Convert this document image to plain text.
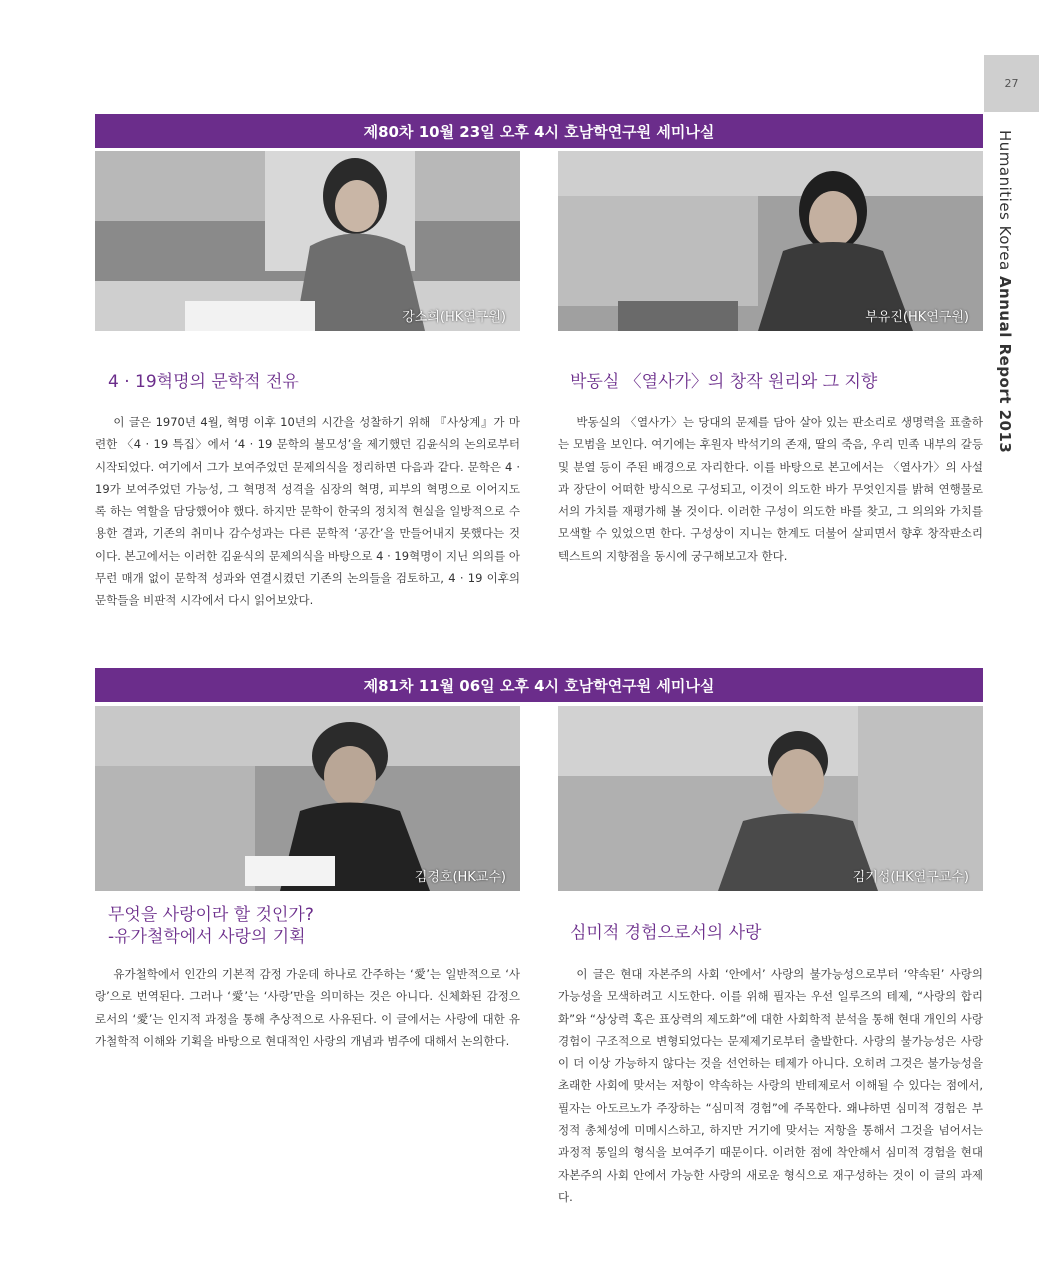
27
Humanities Korea Annual Report 2013
제80차 10월 23일 오후 4시 호남학연구원 세미나실
강소희(HK연구원)	부유진(HK연구원)
4 · 19혁명의 문학적 전유

이 글은 1970년 4월, 혁명 이후 10년의 시간을 성찰하기 위해 『사상계』가 마련한 〈4 · 19 특집〉에서 ‘4 · 19 문학의 불모성’을 제기했던 김윤식의 논의로부터 시작되었다. 여기에서 그가 보여주었던 문제의식을 정리하면 다음과 같다. 문학은 4 · 19가 보여주었던 가능성, 그 혁명적 성격을 심장의 혁명, 피부의 혁명으로 이어지도록 하는 역할을 담당했어야 했다. 하지만 문학이 한국의 정치적 현실을 일방적으로 수용한 결과, 기존의 취미나 감수성과는 다른 문학적 ‘공간’을 만들어내지 못했다는 것이다. 본고에서는 이러한 김윤식의 문제의식을 바탕으로 4 · 19혁명이 지닌 의의를 아무런 매개 없이 문학적 성과와 연결시켰던 기존의 논의들을 검토하고, 4 · 19 이후의 문학들을 비판적 시각에서 다시 읽어보았다.

박동실 〈열사가〉의 창작 원리와 그 지향

박동실의 〈열사가〉는 당대의 문제를 담아 살아 있는 판소리로 생명력을 표출하는 모범을 보인다. 여기에는 후원자 박석기의 존재, 딸의 죽음, 우리 민족 내부의 갈등 및 분열 등이 주된 배경으로 자리한다. 이를 바탕으로 본고에서는 〈열사가〉의 사설과 장단이 어떠한 방식으로 구성되고, 이것이 의도한 바가 무엇인지를 밝혀 연행물로서의 가치를 재평가해 볼 것이다. 이러한 구성이 의도한 바를 찾고, 그 의의와 가치를 모색할 수 있었으면 한다. 구성상이 지니는 한계도 더불어 살피면서 향후 창작판소리 텍스트의 지향점을 동시에 궁구해보고자 한다.

제81차 11월 06일 오후 4시 호남학연구원 세미나실
김경호(HK교수)	김기성(HK연구교수)
무엇을 사랑이라 할 것인가?
-유가철학에서 사랑의 기획

유가철학에서 인간의 기본적 감정 가운데 하나로 간주하는 ‘愛’는 일반적으로 ‘사랑’으로 번역된다. 그러나 ‘愛’는 ‘사랑’만을 의미하는 것은 아니다. 신체화된 감정으로서의 ‘愛’는 인지적 과정을 통해 추상적으로 사유된다. 이 글에서는 사랑에 대한 유가철학적 이해와 기획을 바탕으로 현대적인 사랑의 개념과 범주에 대해서 논의한다.

심미적 경험으로서의 사랑

이 글은 현대 자본주의 사회 ‘안에서’ 사랑의 불가능성으로부터 ‘약속된’ 사랑의 가능성을 모색하려고 시도한다. 이를 위해 필자는 우선 일루즈의 테제, “사랑의 합리화”와 “상상력 혹은 표상력의 제도화”에 대한 사회학적 분석을 통해 현대 개인의 사랑경험이 구조적으로 변형되었다는 문제제기로부터 출발한다. 사랑의 불가능성은 사랑이 더 이상 가능하지 않다는 것을 선언하는 테제가 아니다. 오히려 그것은 불가능성을 초래한 사회에 맞서는 저항이 약속하는 사랑의 반테제로서 이해될 수 있다는 점에서, 필자는 아도르노가 주장하는 “심미적 경험”에 주목한다. 왜냐하면 심미적 경험은 부정적 총체성에 미메시스하고, 하지만 거기에 맞서는 저항을 통해서 그것을 넘어서는 과정적 통일의 형식을 보여주기 때문이다. 이러한 점에 착안해서 심미적 경험을 현대 자본주의 사회 안에서 가능한 사랑의 새로운 형식으로 재구성하는 것이 이 글의 과제다.
